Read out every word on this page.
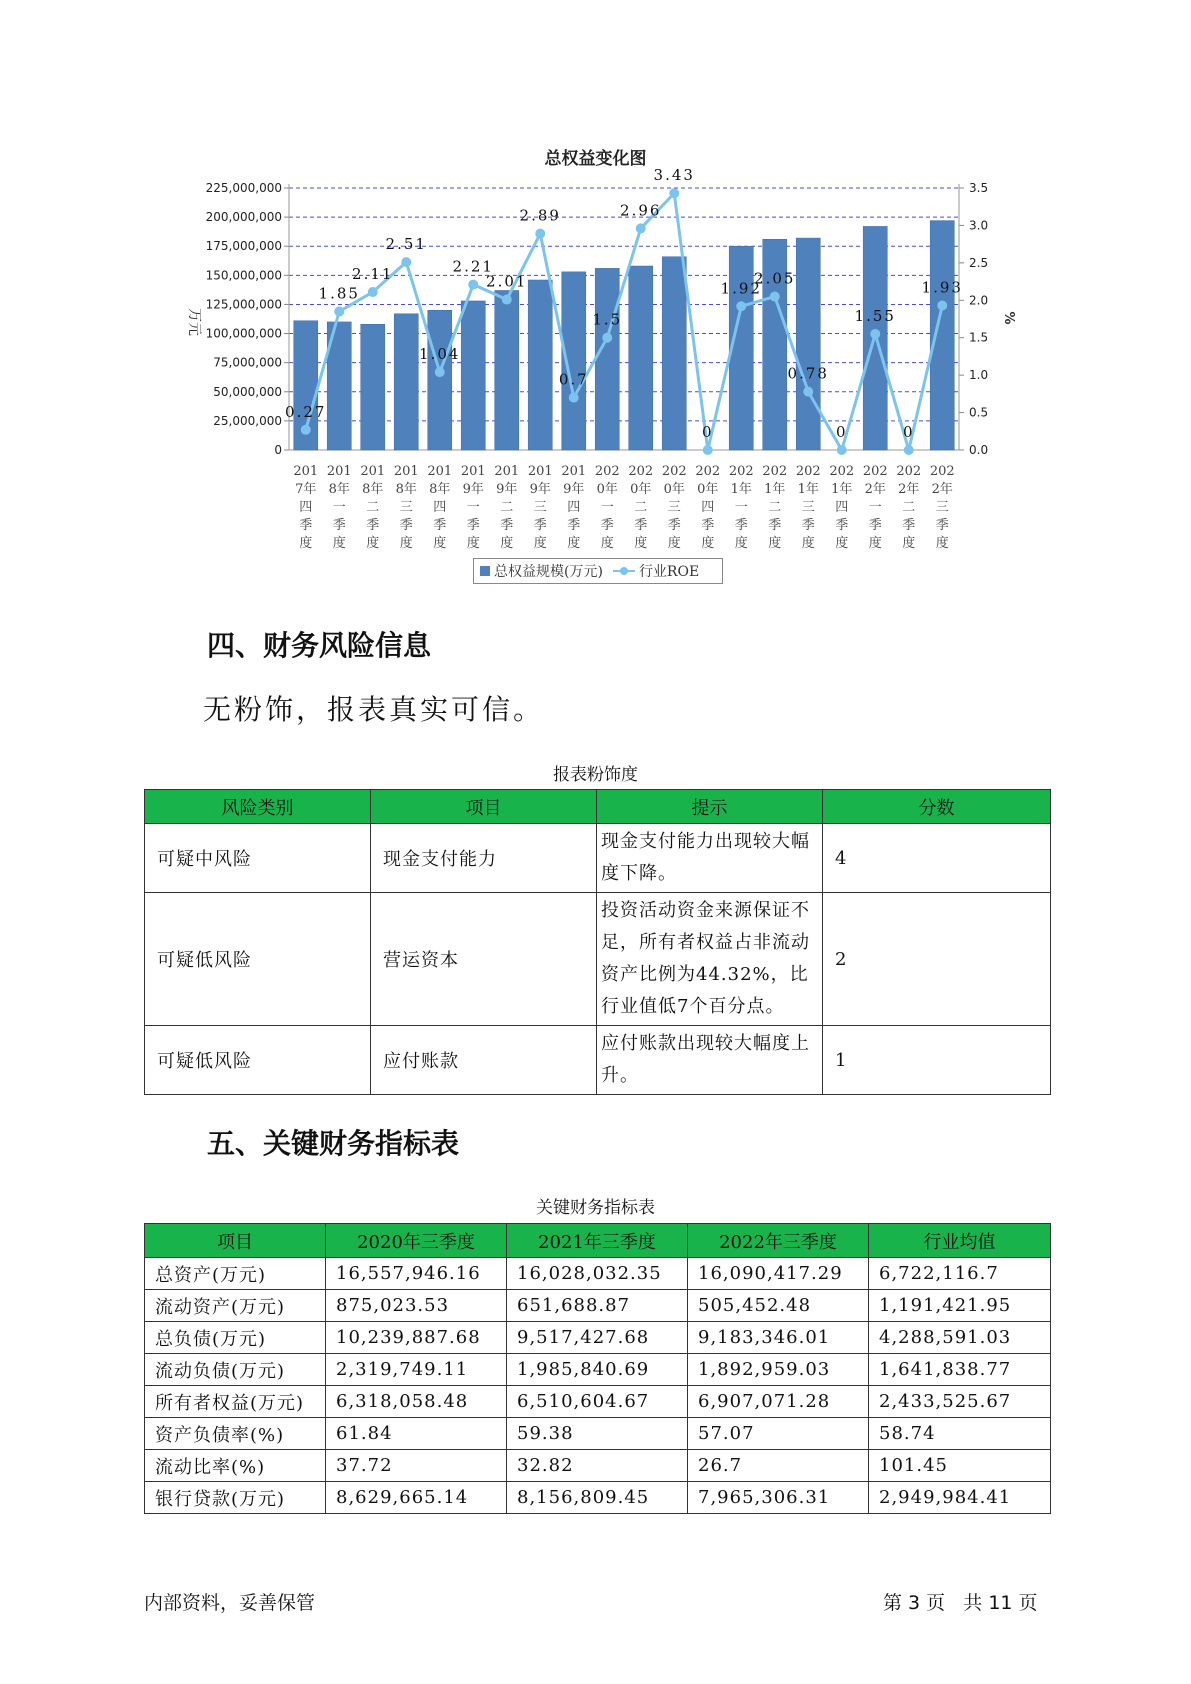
总权益变化图
0
25,000,000
50,000,000
75,000,000
100,000,000
125,000,000
150,000,000
175,000,000
200,000,000
225,000,000
0.0
0.5
1.0
1.5
2.0
2.5
3.0
3.5
万元	%
0.27
1.85
2.11
2.51
1.04
2.21
2.01
2.89
0.7
1.5
2.96
3.43
0
1.92
2.05
0.78
0
1.55
0
1.93
201
7年
四
季
度
201
8年
一
季
度
201
8年
二
季
度
201
8年
三
季
度
201
8年
四
季
度
201
9年
一
季
度
201
9年
二
季
度
201
9年
三
季
度
201
9年
四
季
度
202
0年
一
季
度
202
0年
二
季
度
202
0年
三
季
度
202
0年
四
季
度
202
1年
一
季
度
202
1年
二
季
度
202
1年
三
季
度
202
1年
四
季
度
202
2年
一
季
度
202
2年
二
季
度
202
2年
三
季
度
总权益规模(万元)	行业ROE
四、财务风险信息
无粉饰，报表真实可信。
报表粉饰度
风险类别	项目	提示	分数
可疑中风险	现金支付能力	现金支付能力出现较大幅度下降。	4
可疑低风险	营运资本	投资活动资金来源保证不足，所有者权益占非流动资产比例为44.32%，比行业值低7个百分点。	2
可疑低风险	应付账款	应付账款出现较大幅度上升。	1
五、关键财务指标表
关键财务指标表
项目	2020年三季度	2021年三季度	2022年三季度	行业均值
总资产(万元)	16,557,946.16	16,028,032.35	16,090,417.29	6,722,116.7
流动资产(万元)	875,023.53	651,688.87	505,452.48	1,191,421.95
总负债(万元)	10,239,887.68	9,517,427.68	9,183,346.01	4,288,591.03
流动负债(万元)	2,319,749.11	1,985,840.69	1,892,959.03	1,641,838.77
所有者权益(万元)	6,318,058.48	6,510,604.67	6,907,071.28	2,433,525.67
资产负债率(%)	61.84	59.38	57.07	58.74
流动比率(%)	37.72	32.82	26.7	101.45
银行贷款(万元)	8,629,665.14	8,156,809.45	7,965,306.31	2,949,984.41
内部资料，妥善保管	第 3 页   共 11 页
